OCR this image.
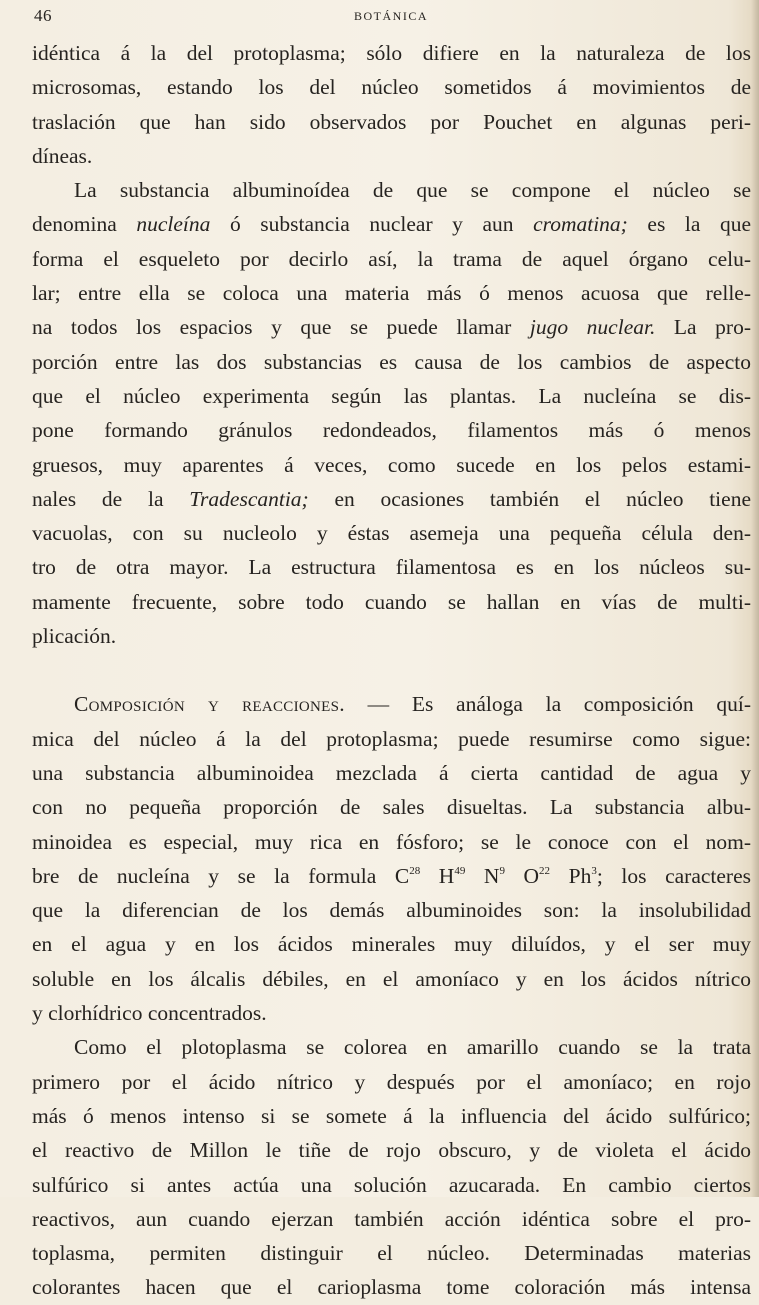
46	BOTÁNICA
idéntica á la del protoplasma; sólo difiere en la naturaleza de los
microsomas, estando los del núcleo sometidos á movimientos de
traslación que han sido observados por Pouchet en algunas peri-
díneas.
La substancia albuminoídea de que se compone el núcleo se
denomina nucleína ó substancia nuclear y aun cromatina; es la que
forma el esqueleto por decirlo así, la trama de aquel órgano celu-
lar; entre ella se coloca una materia más ó menos acuosa que relle-
na todos los espacios y que se puede llamar jugo nuclear. La pro-
porción entre las dos substancias es causa de los cambios de aspecto
que el núcleo experimenta según las plantas. La nucleína se dis-
pone formando gránulos redondeados, filamentos más ó menos
gruesos, muy aparentes á veces, como sucede en los pelos estami-
nales de la Tradescantia; en ocasiones también el núcleo tiene
vacuolas, con su nucleolo y éstas asemeja una pequeña célula den-
tro de otra mayor. La estructura filamentosa es en los núcleos su-
mamente frecuente, sobre todo cuando se hallan en vías de multi-
plicación.
Composición y reacciones. — Es análoga la composición quí-
mica del núcleo á la del protoplasma; puede resumirse como sigue:
una substancia albuminoidea mezclada á cierta cantidad de agua y
con no pequeña proporción de sales disueltas. La substancia albu-
minoidea es especial, muy rica en fósforo; se le conoce con el nom-
bre de nucleína y se la formula $C^{28}$ $H^{49}$ $N^9$ $O^{22}$ Ph$^3$; los caracteres
que la diferencian de los demás albuminoides son: la insolubilidad
en el agua y en los ácidos minerales muy diluídos, y el ser muy
soluble en los álcalis débiles, en el amoníaco y en los ácidos nítrico
y clorhídrico concentrados.
Como el plotoplasma se colorea en amarillo cuando se la trata
primero por el ácido nítrico y después por el amoníaco; en rojo
más ó menos intenso si se somete á la influencia del ácido sulfúrico;
el reactivo de Millon le tiñe de rojo obscuro, y de violeta el ácido
sulfúrico si antes actúa una solución azucarada. En cambio ciertos
reactivos, aun cuando ejerzan también acción idéntica sobre el pro-
toplasma, permiten distinguir el núcleo. Determinadas materias
colorantes hacen que el carioplasma tome coloración más intensa
